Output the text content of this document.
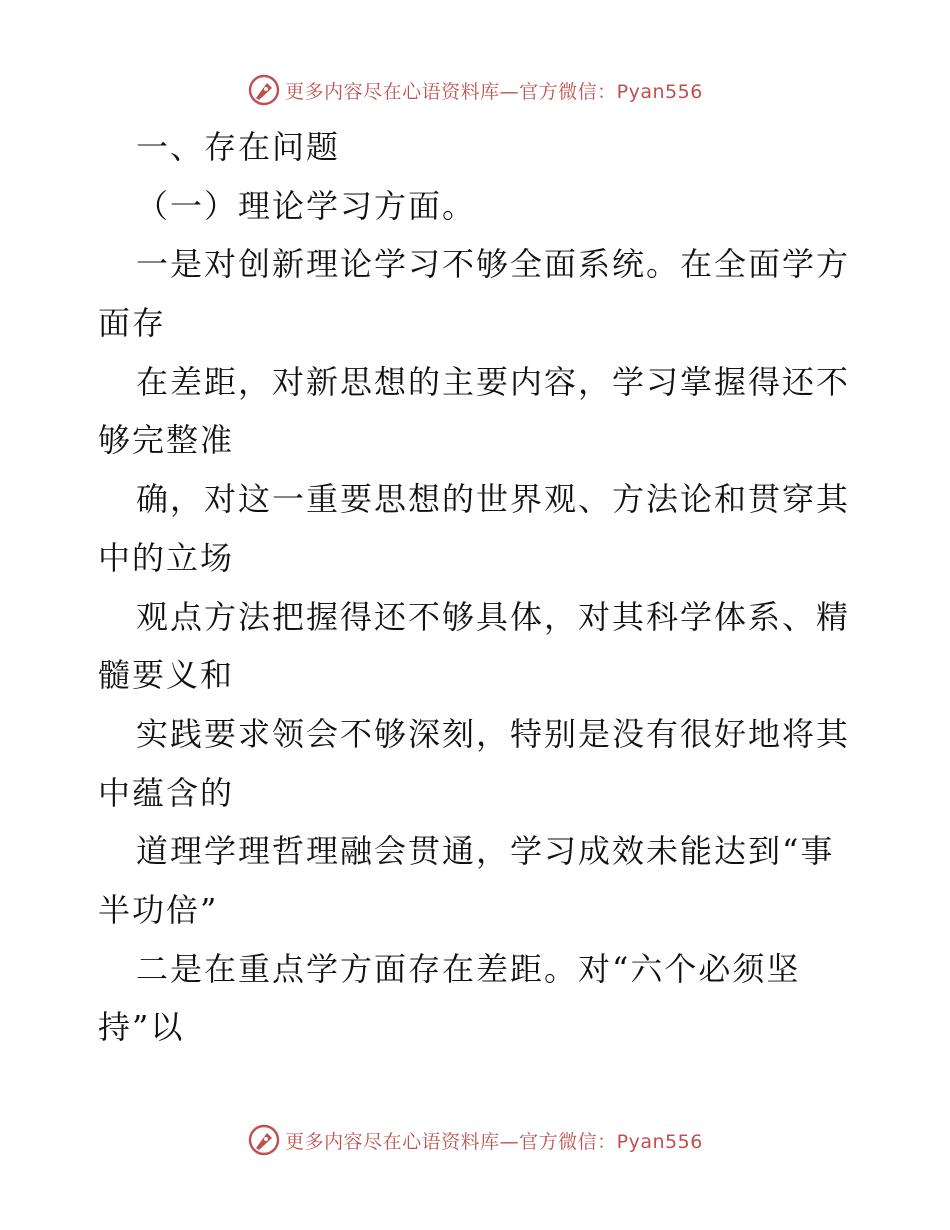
更多内容尽在心语资料库—官方微信：Pyan556
一、存在问题
（一）理论学习方面。
一是对创新理论学习不够全面系统。在全面学方
面存
在差距，对新思想的主要内容，学习掌握得还不
够完整准
确，对这一重要思想的世界观、方法论和贯穿其
中的立场
观点方法把握得还不够具体，对其科学体系、精
髓要义和
实践要求领会不够深刻，特别是没有很好地将其
中蕴含的
道理学理哲理融会贯通，学习成效未能达到“事
半功倍”
二是在重点学方面存在差距。对“六个必须坚
持”以
更多内容尽在心语资料库—官方微信：Pyan556
